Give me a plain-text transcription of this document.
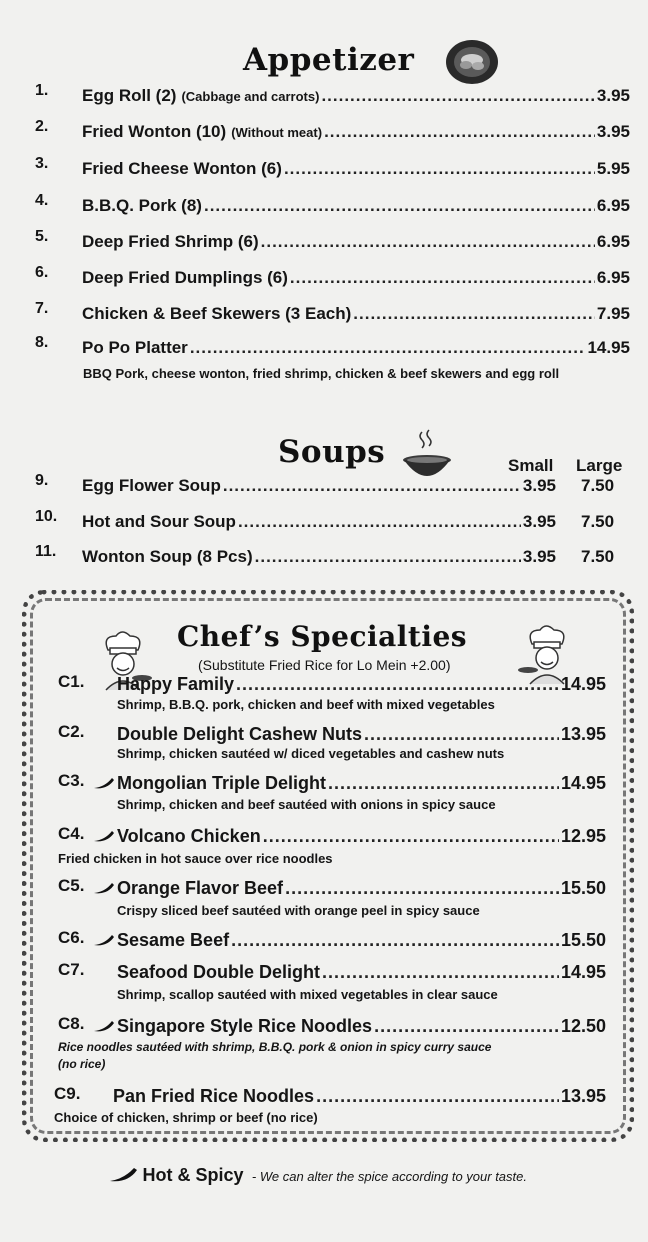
Appetizer
1. Egg Roll (2) (Cabbage and carrots) .....	3.95
2. Fried Wonton (10) (Without meat) .....	3.95
3. Fried Cheese Wonton (6) .....	5.95
4. B.B.Q. Pork (8) .....	6.95
5. Deep Fried Shrimp (6) .....	6.95
6. Deep Fried Dumplings (6) .....	6.95
7. Chicken & Beef Skewers (3 Each) .....	7.95
8. Po Po Platter .....	14.95
BBQ Pork, cheese wonton, fried shrimp, chicken & beef skewers and egg roll
Soups	Small Large
9. Egg Flower Soup .....	3.95 7.50
10. Hot and Sour Soup .....	3.95 7.50
11. Wonton Soup (8 Pcs) .....	3.95 7.50
Chef’s Specialties
(Substitute Fried Rice for Lo Mein +2.00)
C1. Happy Family .....	14.95
Shrimp, B.B.Q. pork, chicken and beef with mixed vegetables
C2. Double Delight Cashew Nuts .....	13.95
Shrimp, chicken sautéed w/ diced vegetables and cashew nuts
C3. Mongolian Triple Delight .....	14.95
Shrimp, chicken and beef sautéed with onions in spicy sauce
C4. Volcano Chicken .....	12.95
Fried chicken in hot sauce over rice noodles
C5. Orange Flavor Beef .....	15.50
Crispy sliced beef sautéed with orange peel in spicy sauce
C6. Sesame Beef .....	15.50
C7. Seafood Double Delight .....	14.95
Shrimp, scallop sautéed with mixed vegetables in clear sauce
C8. Singapore Style Rice Noodles .....	12.50
Rice noodles sautéed with shrimp, B.B.Q. pork & onion in spicy curry sauce
(no rice)
C9. Pan Fried Rice Noodles .....	13.95
Choice of chicken, shrimp or beef (no rice)
Hot & Spicy - We can alter the spice according to your taste.
